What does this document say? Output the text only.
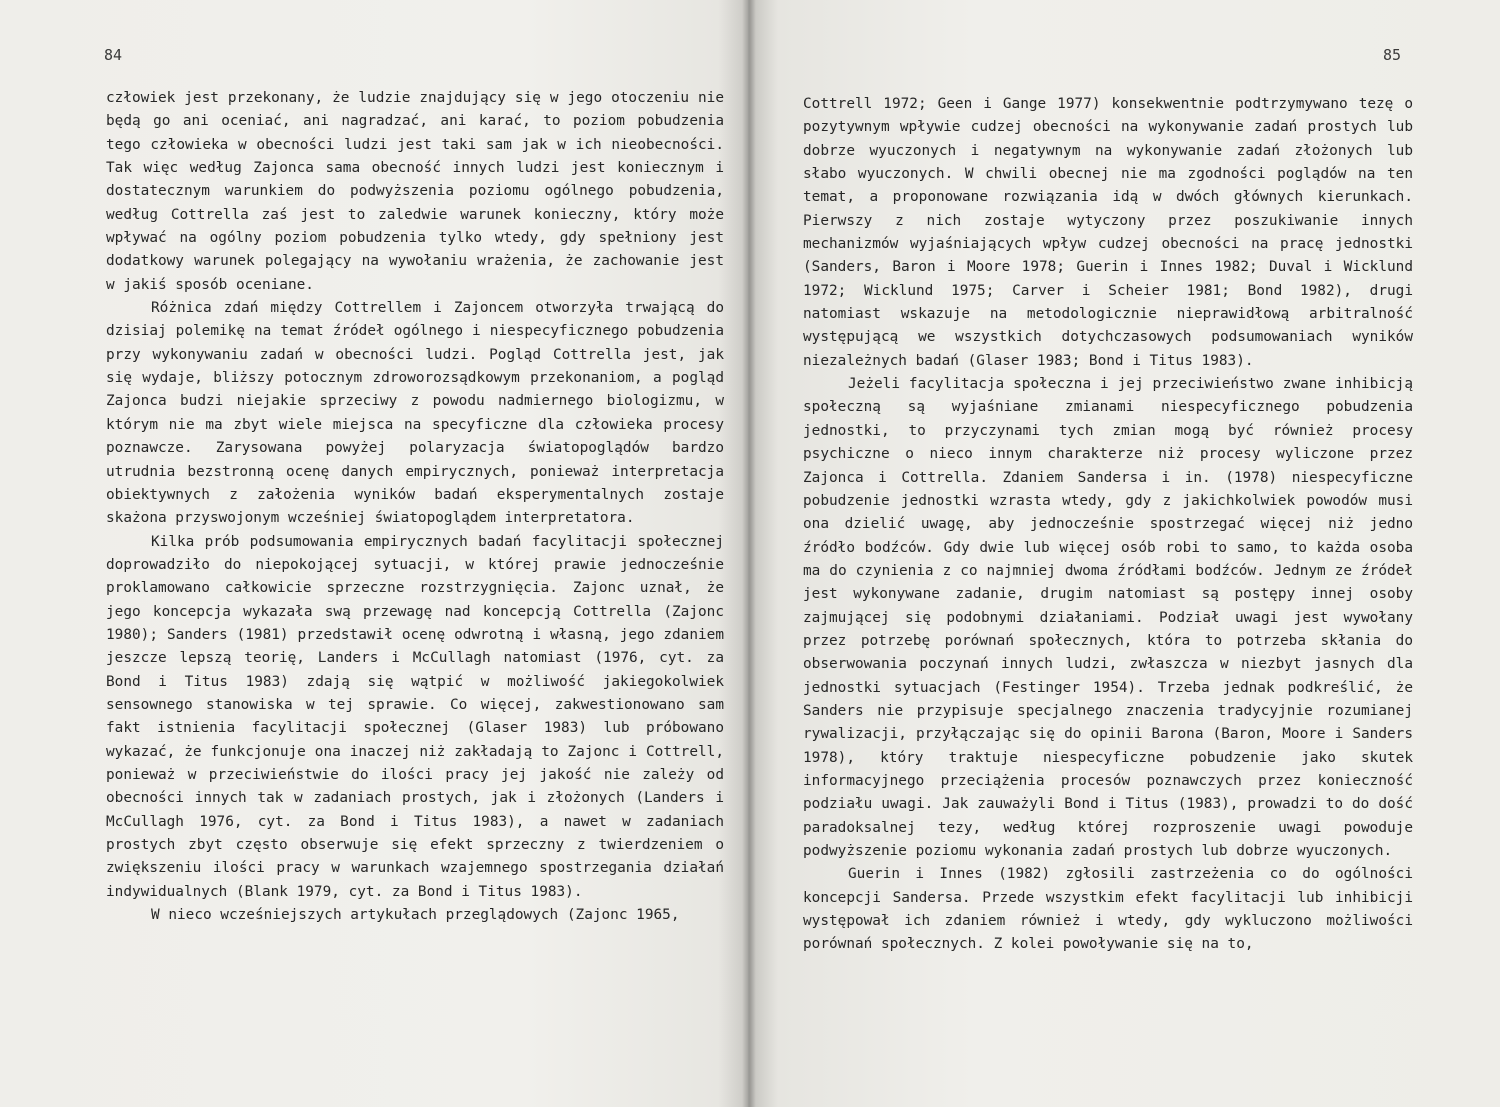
84

człowiek jest przekonany, że ludzie znajdujący się w jego otoczeniu nie będą go ani oceniać, ani nagradzać, ani karać, to poziom pobudzenia tego człowieka w obecności ludzi jest taki sam jak w ich nieobecności. Tak więc według Zajonca sama obecność innych ludzi jest koniecznym i dostatecznym warunkiem do podwyższenia poziomu ogólnego pobudzenia, według Cottrella zaś jest to zaledwie warunek konieczny, który może wpływać na ogólny poziom pobudzenia tylko wtedy, gdy spełniony jest dodatkowy warunek polegający na wywołaniu wrażenia, że zachowanie jest w jakiś sposób oceniane.

Różnica zdań między Cottrellem i Zajoncem otworzyła trwającą do dzisiaj polemikę na temat źródeł ogólnego i niespecyficznego pobudzenia przy wykonywaniu zadań w obecności ludzi. Pogląd Cottrella jest, jak się wydaje, bliższy potocznym zdroworozsądkowym przekonaniom, a pogląd Zajonca budzi niejakie sprzeciwy z powodu nadmiernego biologizmu, w którym nie ma zbyt wiele miejsca na specyficzne dla człowieka procesy poznawcze. Zarysowana powyżej polaryzacja światopoglądów bardzo utrudnia bezstronną ocenę danych empirycznych, ponieważ interpretacja obiektywnych z założenia wyników badań eksperymentalnych zostaje skażona przyswojonym wcześniej światopoglądem interpretatora.

Kilka prób podsumowania empirycznych badań facylitacji społecznej doprowadziło do niepokojącej sytuacji, w której prawie jednocześnie proklamowano całkowicie sprzeczne rozstrzygnięcia. Zajonc uznał, że jego koncepcja wykazała swą przewagę nad koncepcją Cottrella (Zajonc 1980); Sanders (1981) przedstawił ocenę odwrotną i własną, jego zdaniem jeszcze lepszą teorię, Landers i McCullagh natomiast (1976, cyt. za Bond i Titus 1983) zdają się wątpić w możliwość jakiegokolwiek sensownego stanowiska w tej sprawie. Co więcej, zakwestionowano sam fakt istnienia facylitacji społecznej (Glaser 1983) lub próbowano wykazać, że funkcjonuje ona inaczej niż zakładają to Zajonc i Cottrell, ponieważ w przeciwieństwie do ilości pracy jej jakość nie zależy od obecności innych tak w zadaniach prostych, jak i złożonych (Landers i McCullagh 1976, cyt. za Bond i Titus 1983), a nawet w zadaniach prostych zbyt często obserwuje się efekt sprzeczny z twierdzeniem o zwiększeniu ilości pracy w warunkach wzajemnego spostrzegania działań indywidualnych (Blank 1979, cyt. za Bond i Titus 1983).

W nieco wcześniejszych artykułach przeglądowych (Zajonc 1965,

85

Cottrell 1972; Geen i Gange 1977) konsekwentnie podtrzymywano tezę o pozytywnym wpływie cudzej obecności na wykonywanie zadań prostych lub dobrze wyuczonych i negatywnym na wykonywanie zadań złożonych lub słabo wyuczonych. W chwili obecnej nie ma zgodności poglądów na ten temat, a proponowane rozwiązania idą w dwóch głównych kierunkach. Pierwszy z nich zostaje wytyczony przez poszukiwanie innych mechanizmów wyjaśniających wpływ cudzej obecności na pracę jednostki (Sanders, Baron i Moore 1978; Guerin i Innes 1982; Duval i Wicklund 1972; Wicklund 1975; Carver i Scheier 1981; Bond 1982), drugi natomiast wskazuje na metodologicznie nieprawidłową arbitralność występującą we wszystkich dotychczasowych podsumowaniach wyników niezależnych badań (Glaser 1983; Bond i Titus 1983).

Jeżeli facylitacja społeczna i jej przeciwieństwo zwane inhibicją społeczną są wyjaśniane zmianami niespecyficznego pobudzenia jednostki, to przyczynami tych zmian mogą być również procesy psychiczne o nieco innym charakterze niż procesy wyliczone przez Zajonca i Cottrella. Zdaniem Sandersa i in. (1978) niespecyficzne pobudzenie jednostki wzrasta wtedy, gdy z jakichkolwiek powodów musi ona dzielić uwagę, aby jednocześnie spostrzegać więcej niż jedno źródło bodźców. Gdy dwie lub więcej osób robi to samo, to każda osoba ma do czynienia z co najmniej dwoma źródłami bodźców. Jednym ze źródeł jest wykonywane zadanie, drugim natomiast są postępy innej osoby zajmującej się podobnymi działaniami. Podział uwagi jest wywołany przez potrzebę porównań społecznych, która to potrzeba skłania do obserwowania poczynań innych ludzi, zwłaszcza w niezbyt jasnych dla jednostki sytuacjach (Festinger 1954). Trzeba jednak podkreślić, że Sanders nie przypisuje specjalnego znaczenia tradycyjnie rozumianej rywalizacji, przyłączając się do opinii Barona (Baron, Moore i Sanders 1978), który traktuje niespecyficzne pobudzenie jako skutek informacyjnego przeciążenia procesów poznawczych przez konieczność podziału uwagi. Jak zauważyli Bond i Titus (1983), prowadzi to do dość paradoksalnej tezy, według której rozproszenie uwagi powoduje podwyższenie poziomu wykonania zadań prostych lub dobrze wyuczonych.

Guerin i Innes (1982) zgłosili zastrzeżenia co do ogólności koncepcji Sandersa. Przede wszystkim efekt facylitacji lub inhibicji występował ich zdaniem również i wtedy, gdy wykluczono możliwości porównań społecznych. Z kolei powoływanie się na to,
